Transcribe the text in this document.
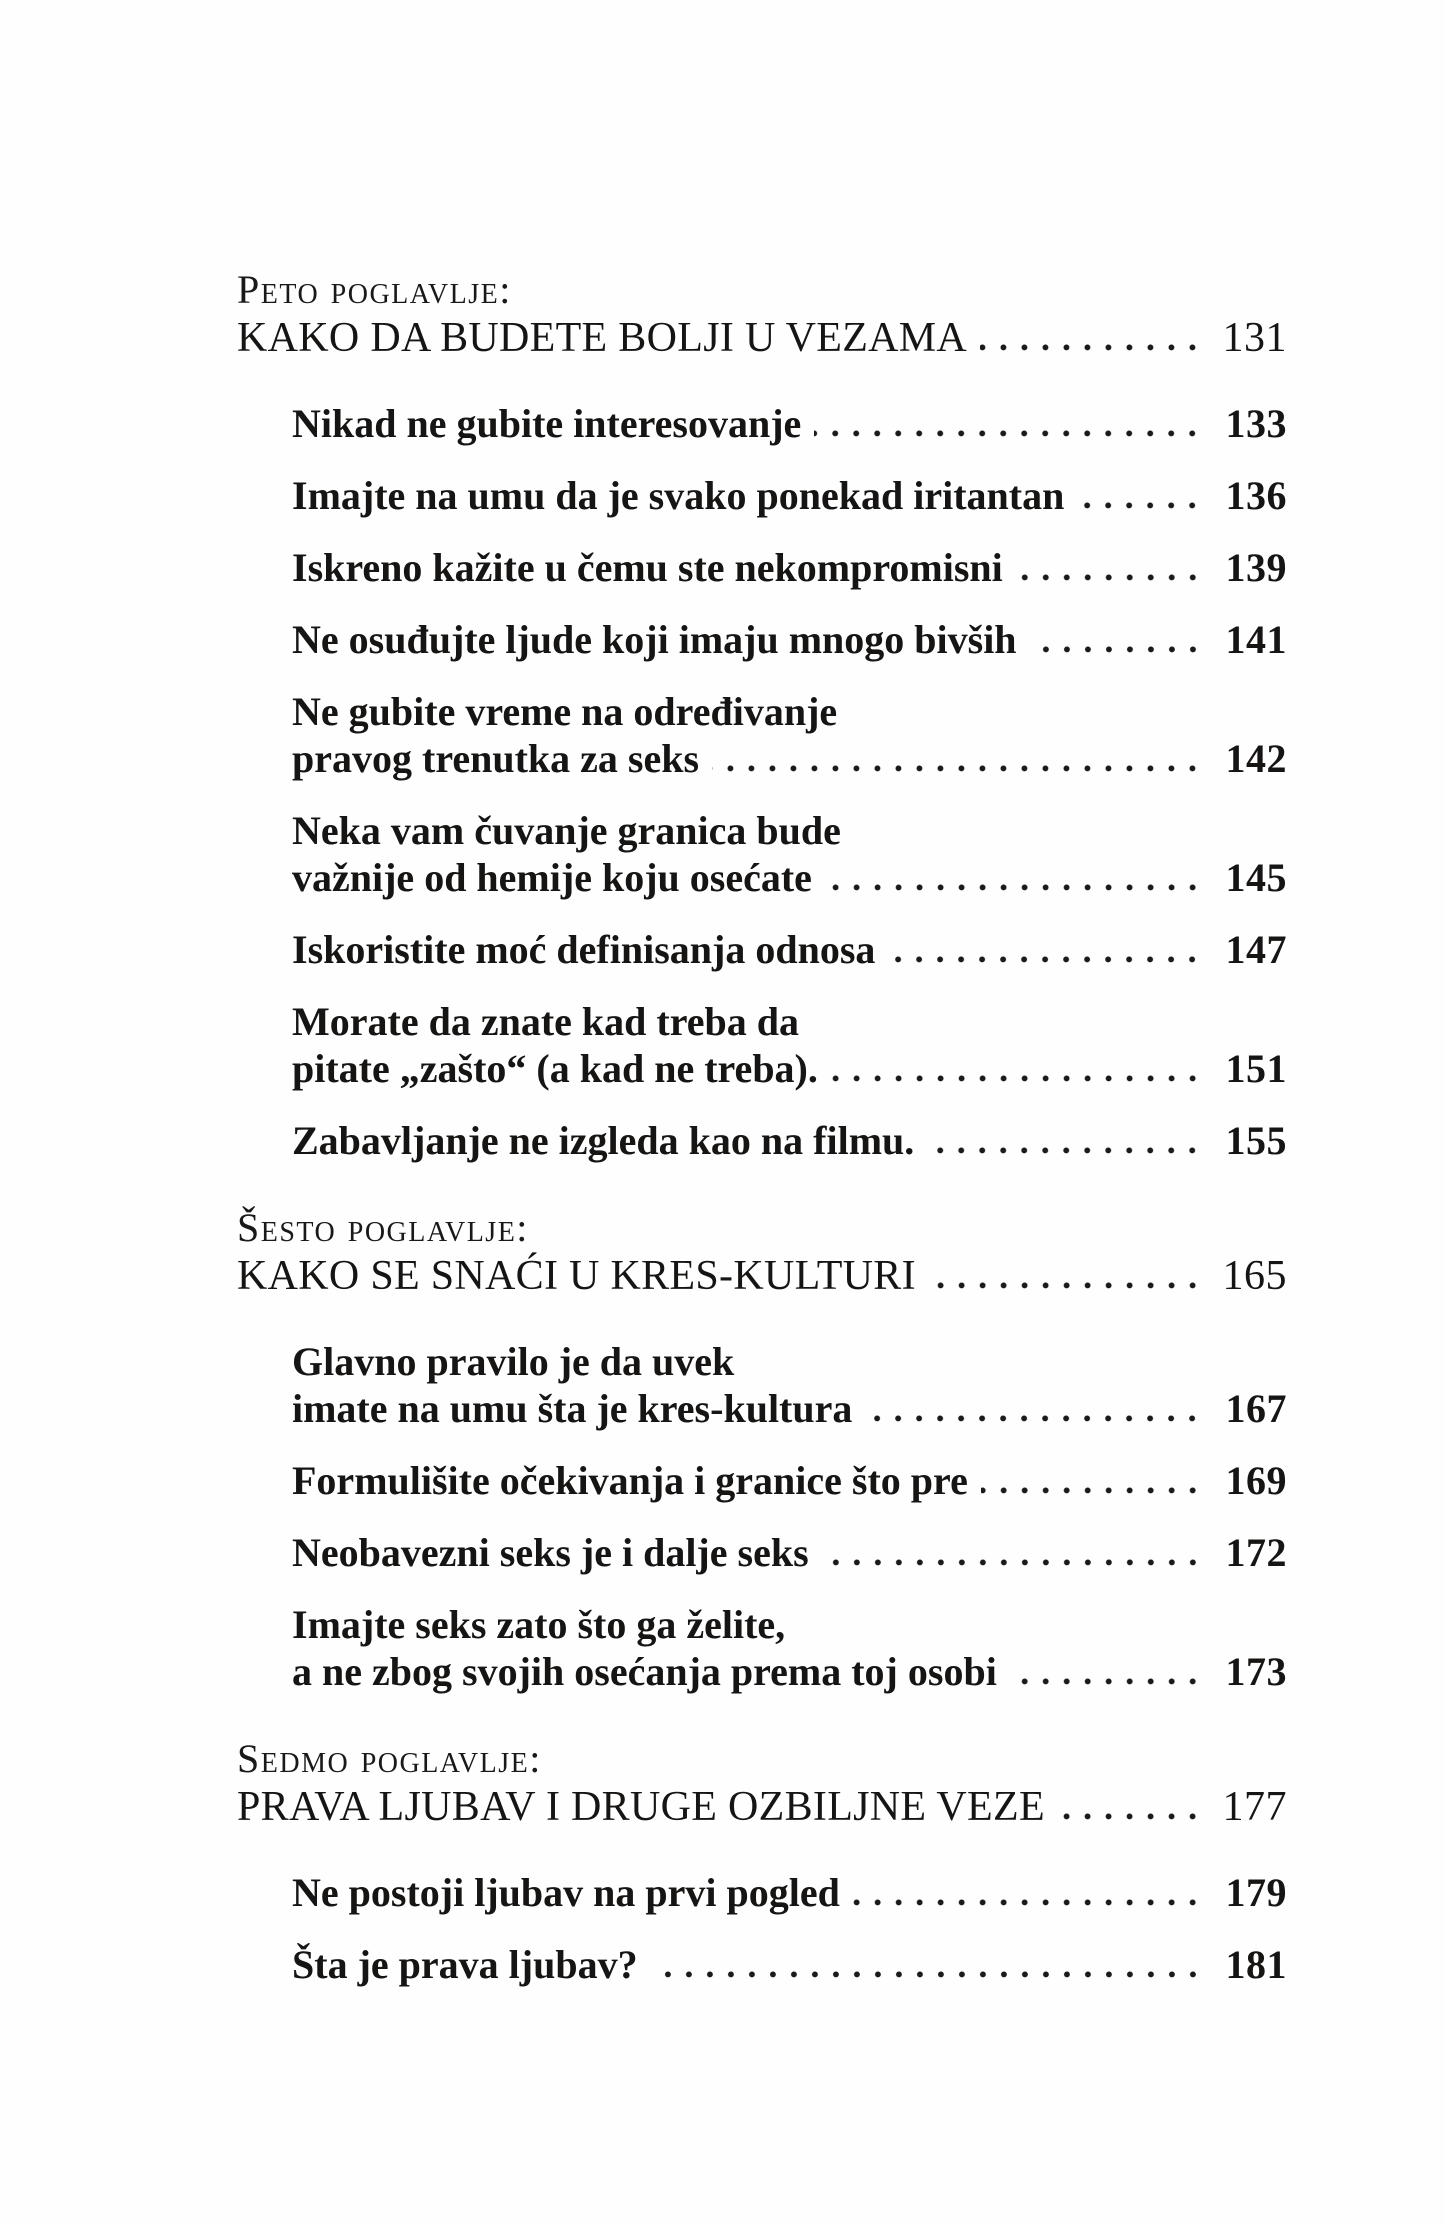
Peto poglavlje:
KAKO DA BUDETE BOLJI U VEZAMA	131
Nikad ne gubite interesovanje	133
Imajte na umu da je svako ponekad iritantan	136
Iskreno kažite u čemu ste nekompromisni	139
Ne osuđujte ljude koji imaju mnogo bivših	141
Ne gubite vreme na određivanje
pravog trenutka za seks	142
Neka vam čuvanje granica bude
važnije od hemije koju osećate	145
Iskoristite moć definisanja odnosa	147
Morate da znate kad treba da
pitate „zašto“ (a kad ne treba).	151
Zabavljanje ne izgleda kao na filmu.	155
Šesto poglavlje:
KAKO SE SNAĆI U KRES-KULTURI	165
Glavno pravilo je da uvek
imate na umu šta je kres-kultura	167
Formulišite očekivanja i granice što pre	169
Neobavezni seks je i dalje seks	172
Imajte seks zato što ga želite,
a ne zbog svojih osećanja prema toj osobi	173
Sedmo poglavlje:
PRAVA LJUBAV I DRUGE OZBILJNE VEZE	177
Ne postoji ljubav na prvi pogled	179
Šta je prava ljubav?	181
